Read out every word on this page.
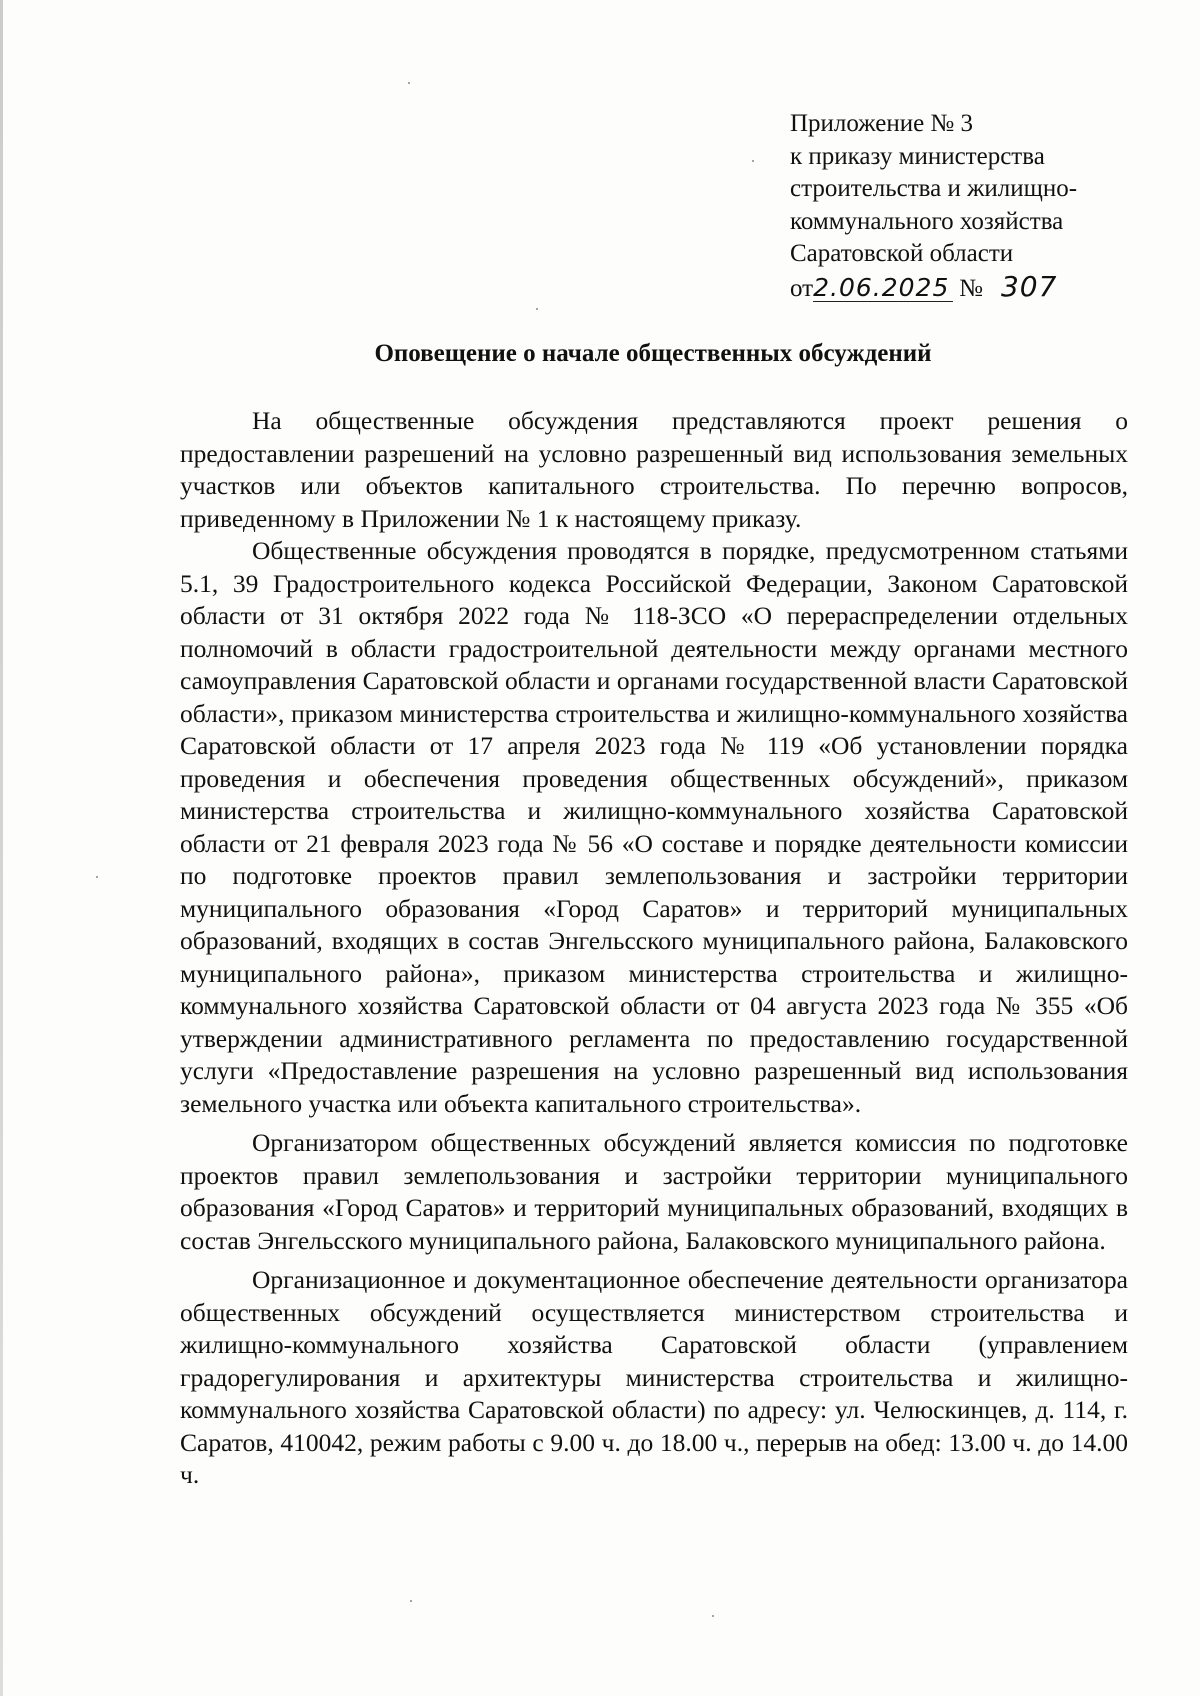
Приложение № 3
к приказу министерства
строительства и жилищно-
коммунального хозяйства
Саратовской области
от 2.06.2025 № 307
Оповещение о начале общественных обсуждений

На общественные обсуждения представляются проект решения о предоставлении разрешений на условно разрешенный вид использования земельных участков или объектов капитального строительства. По перечню вопросов, приведенному в Приложении № 1 к настоящему приказу.

Общественные обсуждения проводятся в порядке, предусмотренном статьями 5.1, 39 Градостроительного кодекса Российской Федерации, Законом Саратовской области от 31 октября 2022 года № 118-ЗСО «О перераспределении отдельных полномочий в области градостроительной деятельности между органами местного самоуправления Саратовской области и органами государственной власти Саратовской области», приказом министерства строительства и жилищно-коммунального хозяйства Саратовской области от 17 апреля 2023 года № 119 «Об установлении порядка проведения и обеспечения проведения общественных обсуждений», приказом министерства строительства и жилищно-коммунального хозяйства Саратовской области от 21 февраля 2023 года № 56 «О составе и порядке деятельности комиссии по подготовке проектов правил землепользования и застройки территории муниципального образования «Город Саратов» и территорий муниципальных образований, входящих в состав Энгельсского муниципального района, Балаковского муниципального района», приказом министерства строительства и жилищно-коммунального хозяйства Саратовской области от 04 августа 2023 года № 355 «Об утверждении административного регламента по предоставлению государственной услуги «Предоставление разрешения на условно разрешенный вид использования земельного участка или объекта капитального строительства».

Организатором общественных обсуждений является комиссия по подготовке проектов правил землепользования и застройки территории муниципального образования «Город Саратов» и территорий муниципальных образований, входящих в состав Энгельсского муниципального района, Балаковского муниципального района.

Организационное и документационное обеспечение деятельности организатора общественных обсуждений осуществляется министерством строительства и жилищно-коммунального хозяйства Саратовской области (управлением градорегулирования и архитектуры министерства строительства и жилищно-коммунального хозяйства Саратовской области) по адресу: ул. Челюскинцев, д. 114, г. Саратов, 410042, режим работы с 9.00 ч. до 18.00 ч., перерыв на обед: 13.00 ч. до 14.00 ч.
